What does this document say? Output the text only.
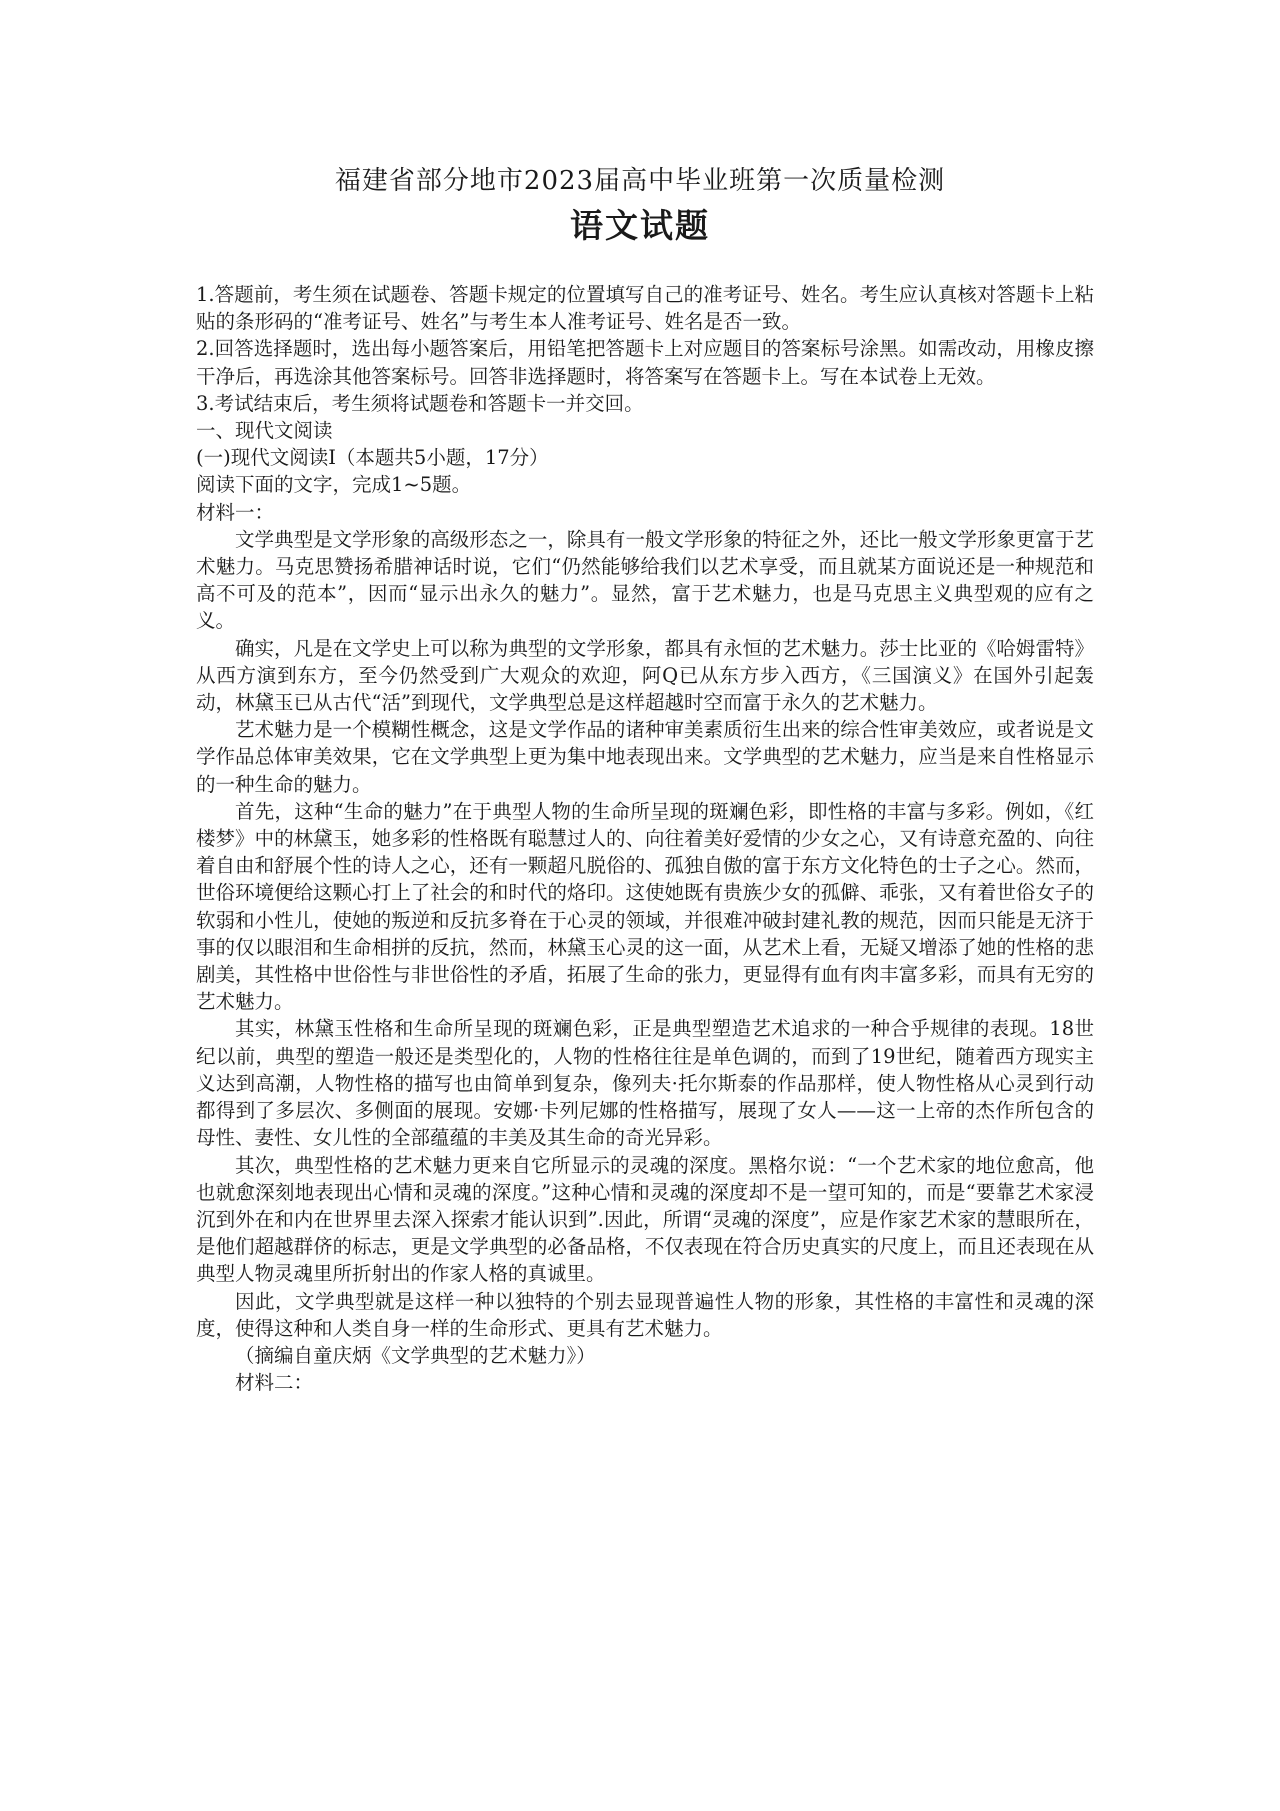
福建省部分地市2023届高中毕业班第一次质量检测
语文试题

1.答题前，考生须在试题卷、答题卡规定的位置填写自己的准考证号、姓名。考生应认真核对答题卡上粘贴的条形码的“准考证号、姓名”与考生本人准考证号、姓名是否一致。

2.回答选择题时，选出每小题答案后，用铅笔把答题卡上对应题目的答案标号涂黑。如需改动，用橡皮擦干净后，再选涂其他答案标号。回答非选择题时，将答案写在答题卡上。写在本试卷上无效。

3.考试结束后，考生须将试题卷和答题卡一并交回。

一、现代文阅读

(一)现代文阅读Ⅰ（本题共5小题，17分）

阅读下面的文字，完成1~5题。

材料一：

文学典型是文学形象的高级形态之一，除具有一般文学形象的特征之外，还比一般文学形象更富于艺术魅力。马克思赞扬希腊神话时说，它们“仍然能够给我们以艺术享受，而且就某方面说还是一种规范和高不可及的范本”，因而“显示出永久的魅力”。显然，富于艺术魅力，也是马克思主义典型观的应有之义。

确实，凡是在文学史上可以称为典型的文学形象，都具有永恒的艺术魅力。莎士比亚的《哈姆雷特》从西方演到东方，至今仍然受到广大观众的欢迎，阿Q已从东方步入西方，《三国演义》在国外引起轰动，林黛玉已从古代“活”到现代，文学典型总是这样超越时空而富于永久的艺术魅力。

艺术魅力是一个模糊性概念，这是文学作品的诸种审美素质衍生出来的综合性审美效应，或者说是文学作品总体审美效果，它在文学典型上更为集中地表现出来。文学典型的艺术魅力，应当是来自性格显示的一种生命的魅力。

首先，这种“生命的魅力”在于典型人物的生命所呈现的斑斓色彩，即性格的丰富与多彩。例如，《红楼梦》中的林黛玉，她多彩的性格既有聪慧过人的、向往着美好爱情的少女之心，又有诗意充盈的、向往着自由和舒展个性的诗人之心，还有一颗超凡脱俗的、孤独自傲的富于东方文化特色的士子之心。然而，世俗环境便给这颗心打上了社会的和时代的烙印。这使她既有贵族少女的孤僻、乖张，又有着世俗女子的软弱和小性儿，使她的叛逆和反抗多脊在于心灵的领域，并很难冲破封建礼教的规范，因而只能是无济于事的仅以眼泪和生命相拼的反抗，然而，林黛玉心灵的这一面，从艺术上看，无疑又增添了她的性格的悲剧美，其性格中世俗性与非世俗性的矛盾，拓展了生命的张力，更显得有血有肉丰富多彩，而具有无穷的艺术魅力。

其实，林黛玉性格和生命所呈现的斑斓色彩，正是典型塑造艺术追求的一种合乎规律的表现。18世纪以前，典型的塑造一般还是类型化的，人物的性格往往是单色调的，而到了19世纪，随着西方现实主义达到高潮，人物性格的描写也由简单到复杂，像列夫·托尔斯泰的作品那样，使人物性格从心灵到行动都得到了多层次、多侧面的展现。安娜·卡列尼娜的性格描写，展现了女人——这一上帝的杰作所包含的母性、妻性、女儿性的全部蕴蕴的丰美及其生命的奇光异彩。

其次，典型性格的艺术魅力更来自它所显示的灵魂的深度。黑格尔说：“一个艺术家的地位愈高，他也就愈深刻地表现出心情和灵魂的深度。”这种心情和灵魂的深度却不是一望可知的，而是“要靠艺术家浸沉到外在和内在世界里去深入探索才能认识到”.因此，所谓“灵魂的深度”，应是作家艺术家的慧眼所在，是他们超越群侪的标志，更是文学典型的必备品格，不仅表现在符合历史真实的尺度上，而且还表现在从典型人物灵魂里所折射出的作家人格的真诚里。

因此，文学典型就是这样一种以独特的个别去显现普遍性人物的形象，其性格的丰富性和灵魂的深度，使得这种和人类自身一样的生命形式、更具有艺术魅力。

（摘编自童庆炳《文学典型的艺术魅力》）

材料二：
